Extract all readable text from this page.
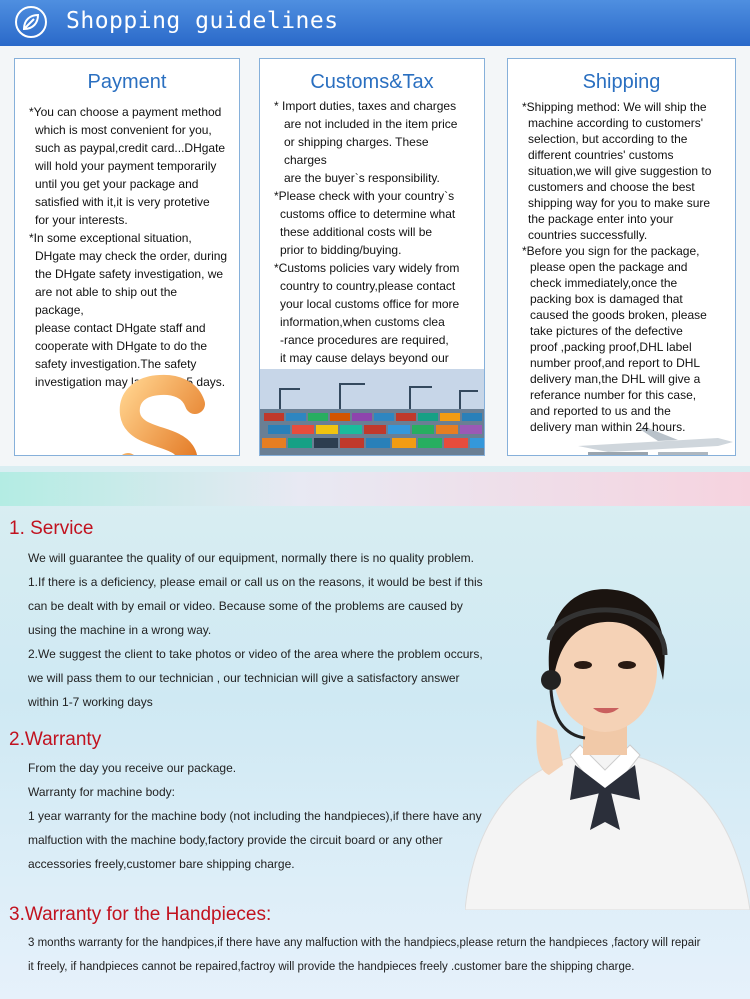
Shopping guidelines
Payment

*You can choose a payment method

which is most convenient for you,

such as paypal,credit card...DHgate

will hold your payment temporarily

until you get your package and

satisfied with it,it is very protetive

for your interests.

*In some exceptional situation,

DHgate may check the order, during

the DHgate safety investigation, we

are not able to ship out the package,

please contact DHgate staff and

cooperate with DHgate to do the

safety investigation.The safety

investigation may last about 5 days.

Customs&Tax

* Import duties, taxes and charges

are not included in the item price

or shipping charges. These charges

are the buyer`s responsibility.

*Please check with your country`s

customs office to determine what

these additional costs will be

prior to bidding/buying.

*Customs policies vary widely from

country to country,please contact

your local customs office for more

information,when customs clea

-rance procedures are required,

it may cause delays beyond our

Shipping

*Shipping method: We will ship the

machine according to customers'

selection, but according to the

different countries' customs

situation,we will give suggestion to

customers and choose the best

shipping way for you to make sure

the package enter into your

countries successfully.

*Before you sign for the package,

please open the package and

check immediately,once the

packing box is damaged that

caused the goods broken, please

take pictures of the defective

proof ,packing proof,DHL label

number proof,and report to DHL

delivery man,the DHL will give a

referance number for this case,

and reported to us and the

delivery man within 24 hours.

1. Service

We will guarantee the quality of our equipment, normally there is no quality problem.

1.If there is a deficiency, please email or call us on the reasons, it would be best if this

can be dealt with by email or video. Because some of the problems are caused by

using the machine in a wrong way.

2.We suggest the client to take photos or video of the area where the problem occurs,

we will pass them to our technician , our technician will give a satisfactory answer

within 1-7 working days

2.Warranty

From the day you receive our package.

Warranty for machine body:

1 year warranty for the machine body (not including the handpieces),if there have any

malfuction with the machine body,factory provide the circuit board or any other

accessories freely,customer bare shipping charge.

3.Warranty for the Handpieces:

3 months warranty for the handpices,if there have any malfuction with the handpiecs,please return the handpieces ,factory will repair

it freely, if handpieces cannot be repaired,factroy will provide the handpieces freely .customer bare the shipping charge.
